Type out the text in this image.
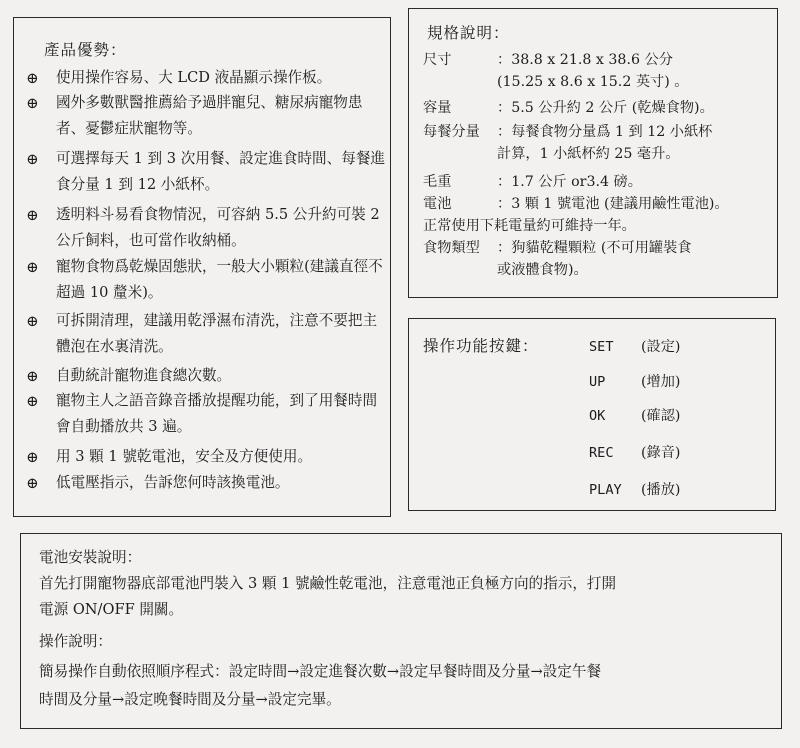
產品優勢：
⊕ 使用操作容易、大 LCD 液晶顯示操作板。
⊕ 國外多數獸醫推薦給予過胖寵兒、糖尿病寵物患者、憂鬱症狀寵物等。
⊕ 可選擇每天 1 到 3 次用餐、設定進食時間、每餐進食分量 1 到 12 小紙杯。
⊕ 透明料斗易看食物情況，可容納 5.5 公升約可裝 2 公斤飼料，也可當作收納桶。
⊕ 寵物食物爲乾燥固態狀，一般大小顆粒(建議直徑不超過 10 釐米)。
⊕ 可拆開清理，建議用乾淨濕布清洗，注意不要把主體泡在水裏清洗。
⊕ 自動統計寵物進食總次數。
⊕ 寵物主人之語音錄音播放提醒功能，到了用餐時間會自動播放共 3 遍。
⊕ 用 3 顆 1 號乾電池，安全及方便使用。
⊕ 低電壓指示，告訴您何時該換電池。
規格說明：
尺寸	：38.8 x 21.8 x 38.6 公分
(15.25 x 8.6 x 15.2 英寸) 。
容量	：5.5 公升約 2 公斤 (乾燥食物)。
每餐分量 ：每餐食物分量爲 1 到 12 小紙杯
計算，1 小紙杯約 25 毫升。
毛重	：1.7 公斤 or3.4 磅。
電池	：3 顆 1 號電池 (建議用鹼性電池)。
正常使用下耗電量約可維持一年。
食物類型 ：狗貓乾糧顆粒 (不可用罐裝食
或液體食物)。
操作功能按鍵：	SET (設定)
UP	(增加)
OK	(確認)
REC (錄音)
PLAY (播放)
電池安裝說明：
首先打開寵物器底部電池門裝入 3 顆 1 號鹼性乾電池，注意電池正負極方向的指示，打開
電源 ON/OFF 開關。
操作說明：
簡易操作自動依照順序程式：設定時間→設定進餐次數→設定早餐時間及分量→設定午餐
時間及分量→設定晚餐時間及分量→設定完畢。
